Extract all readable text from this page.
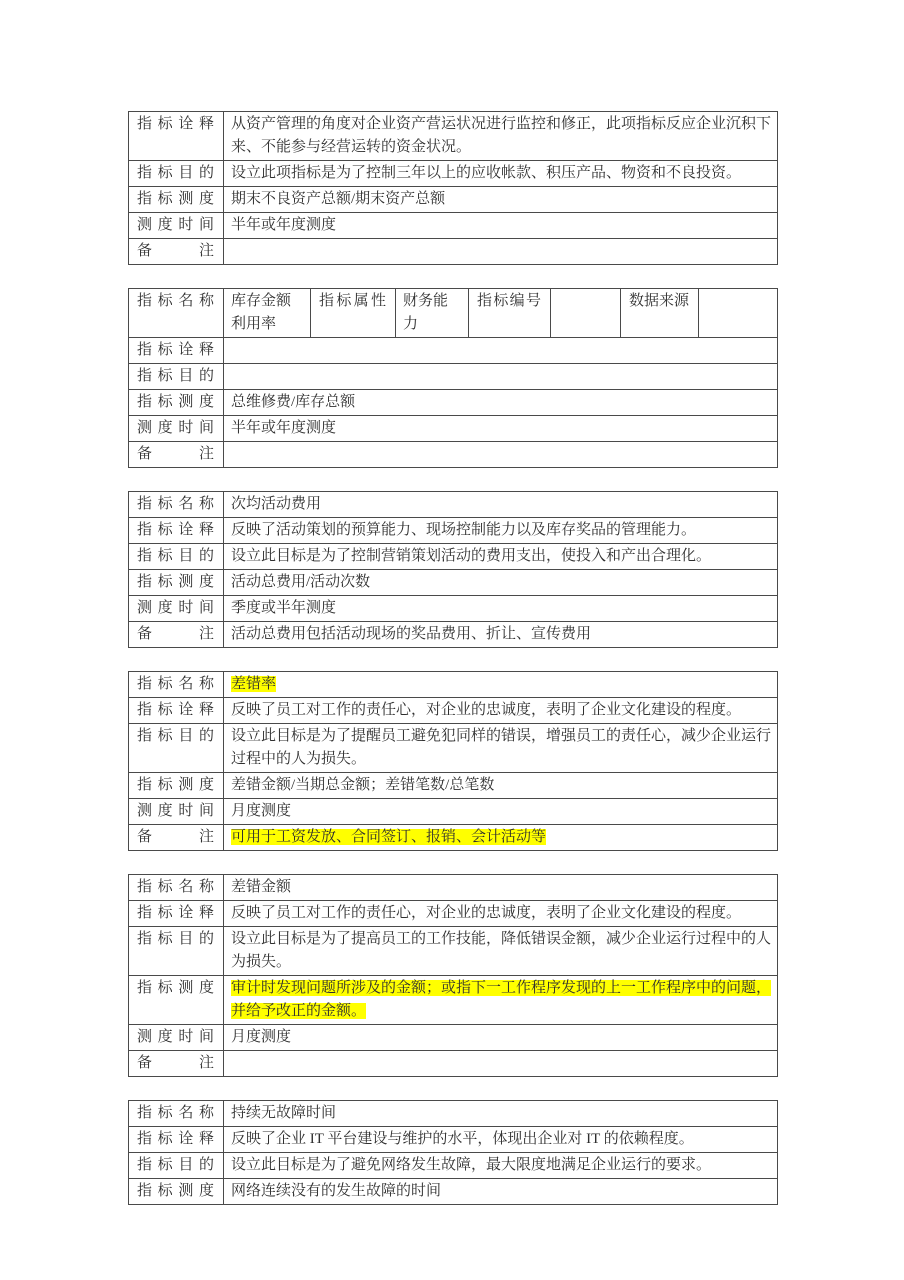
指标诠释	从资产管理的角度对企业资产营运状况进行监控和修正，此项指标反应企业沉积下来、不能参与经营运转的资金状况。
指标目的	设立此项指标是为了控制三年以上的应收帐款、积压产品、物资和不良投资。
指标测度	期末不良资产总额/期末资产总额
测度时间	半年或年度测度
备注	
指标名称	库存金额利用率	指标属性	财务能力	指标编号		数据来源	
指标诠释							
指标目的							
指标测度	总维修费/库存总额						
测度时间	半年或年度测度						
备注							
指标名称	次均活动费用
指标诠释	反映了活动策划的预算能力、现场控制能力以及库存奖品的管理能力。
指标目的	设立此目标是为了控制营销策划活动的费用支出，使投入和产出合理化。
指标测度	活动总费用/活动次数
测度时间	季度或半年测度
备注	活动总费用包括活动现场的奖品费用、折让、宣传费用
指标名称	差错率
指标诠释	反映了员工对工作的责任心，对企业的忠诚度，表明了企业文化建设的程度。
指标目的	设立此目标是为了提醒员工避免犯同样的错误，增强员工的责任心，减少企业运行过程中的人为损失。
指标测度	差错金额/当期总金额；差错笔数/总笔数
测度时间	月度测度
备注	可用于工资发放、合同签订、报销、会计活动等
指标名称	差错金额
指标诠释	反映了员工对工作的责任心，对企业的忠诚度，表明了企业文化建设的程度。
指标目的	设立此目标是为了提高员工的工作技能，降低错误金额，减少企业运行过程中的人为损失。
指标测度	审计时发现问题所涉及的金额；或指下一工作程序发现的上一工作程序中的问题，并给予改正的金额。
测度时间	月度测度
备注	
指标名称	持续无故障时间
指标诠释	反映了企业 IT 平台建设与维护的水平，体现出企业对 IT 的依赖程度。
指标目的	设立此目标是为了避免网络发生故障，最大限度地满足企业运行的要求。
指标测度	网络连续没有的发生故障的时间
